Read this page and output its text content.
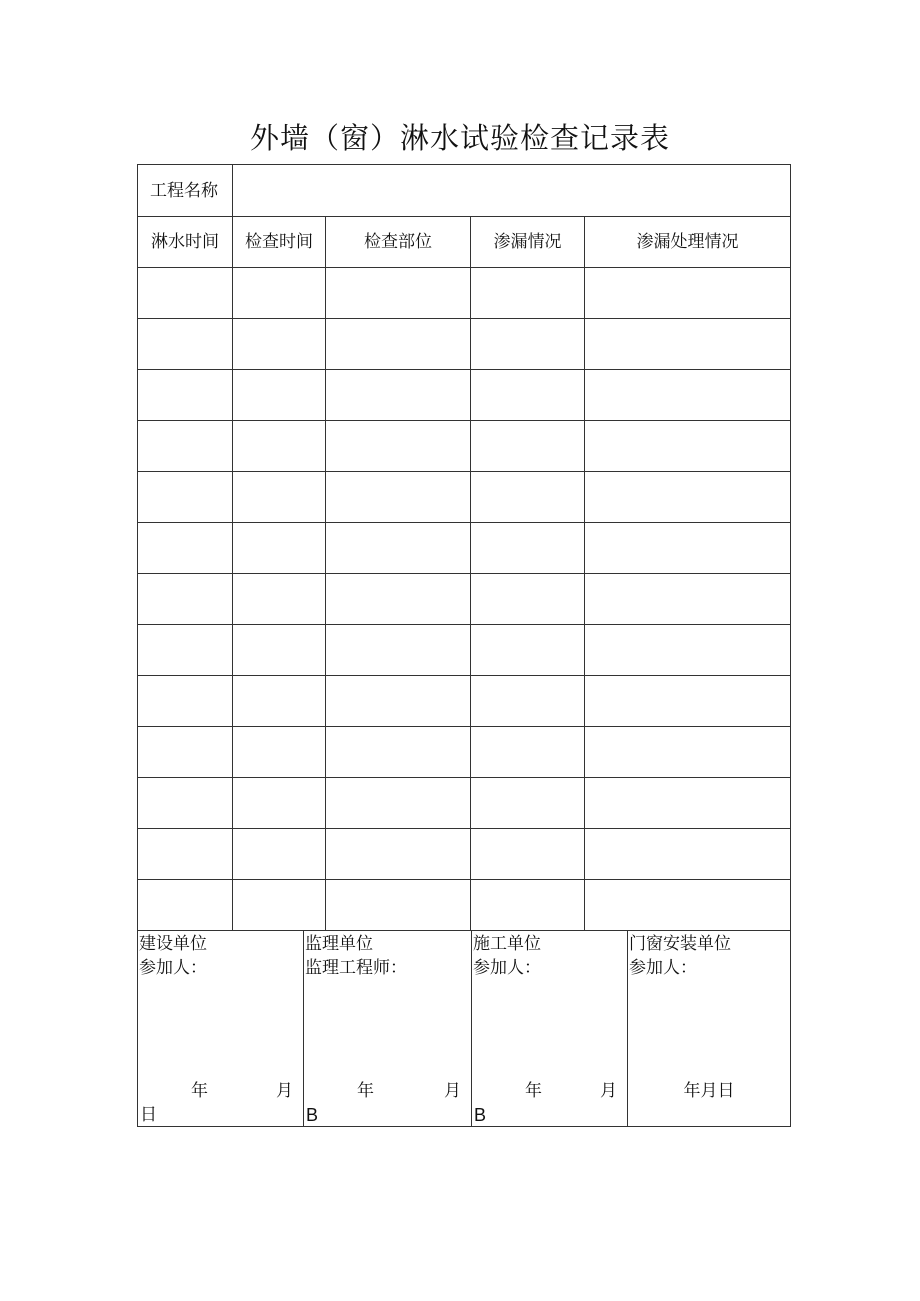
外墙（窗）淋水试验检查记录表
工程名称				
淋水时间	检查时间	检查部位	渗漏情况	渗漏处理情况

建设单位
参加人：
年	月
日

监理单位
监理工程师：
年	月
B

施工单位
参加人：
年	月
B

门窗安装单位
参加人：
年月日
